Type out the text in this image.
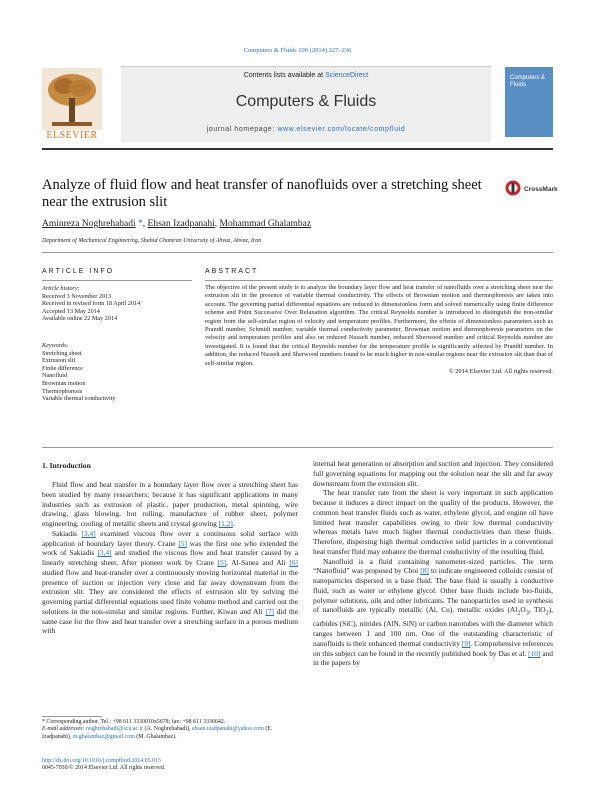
Computers & Fluids 100 (2014) 227–236
ELSEVIER
Contents lists available at ScienceDirect
Computers & Fluids
journal homepage: www.elsevier.com/locate/compfluid
Computers & Fluids
Analyze of fluid flow and heat transfer of nanofluids over a stretching sheet near the extrusion slit
CrossMark
Aminreza Noghrehabadi *, Ehsan Izadpanahi, Mohammad Ghalambaz
Department of Mechanical Engineering, Shahid Chamran University of Ahvaz, Ahvaz, Iran
ARTICLE INFO
Article history:
Received 3 November 2013
Received in revised form 18 April 2014
Accepted 13 May 2014
Available online 22 May 2014
Keywords:
Stretching sheet
Extrusion slit
Finite difference
Nanofluid
Brownian motion
Thermophoresis
Variable thermal conductivity
ABSTRACT
The objective of the present study is to analyze the boundary layer flow and heat transfer of nanofluids over a stretching sheet near the extrusion slit in the presence of variable thermal conductivity. The effects of Brownian motion and thermophoresis are taken into account. The governing partial differential equations are reduced to dimensionless form and solved numerically using finite difference scheme and Point Successive Over Relaxation algorithm. The critical Reynolds number is introduced to distinguish the non-similar region from the self-similar region of velocity and temperature profiles. Furthermore, the effects of dimensionless parameters such as Prandtl number, Schmidt number, variable thermal conductivity parameter, Brownian motion and thermophoresis parameters on the velocity and temperature profiles and also on reduced Nusselt number, reduced Sherwood number and critical Reynolds number are investigated. It is found that the critical Reynolds number for the temperature profile is significantly affected by Prandtl number. In addition, the reduced Nusselt and Sherwood numbers found to be much higher in non-similar regions near the extrusion slit than that of self-similar region.
© 2014 Elsevier Ltd. All rights reserved.
1. Introduction

Fluid flow and heat transfer in a boundary layer flow over a stretching sheet has been studied by many researchers; because it has significant applications in many industries such as extrusion of plastic, paper production, metal spinning, wire drawing, glass blowing, hot rolling, manufacture of rubber sheet, polymer engineering, cooling of metallic sheets and crystal growing [1,2].

Sakiadis [3,4] examined viscous flow over a continuous solid surface with application of boundary layer theory. Crane [5] was the first one who extended the work of Sakiadis [3,4] and studied the viscous flow and heat transfer caused by a linearly stretching sheet. After pioneer work by Crane [5], Al-Sanea and Ali [6] studied flow and heat-transfer over a continuously moving horizontal material in the presence of suction or injection very close and far away downstream from the extrusion slit. They are considered the effects of extrusion slit by solving the governing partial differential equations used finite volume method and carried out the solutions in the non-similar and similar regions. Further, Kiwan and Ali [7] did the same case for the flow and heat transfer over a stretching surface in a porous medium with

internal heat generation or absorption and suction and injection. They considered full governing equations for mapping out the solution near the slit and far away downstream from the extrusion slit.

The heat transfer rate from the sheet is very important in such application because it induces a direct impact on the quality of the products. However, the common heat transfer fluids such as water, ethylene glycol, and engine oil have limited heat transfer capabilities owing to their low thermal conductivity whereas metals have much higher thermal conductivities than these fluids. Therefore, dispersing high thermal conductive solid particles in a conventional heat transfer fluid may enhance the thermal conductivity of the resulting fluid.

Nanofluid is a fluid containing nanometer-sized particles. The term “Nanofluid” was proposed by Choi [8] to indicate engineered colloids consist of nanoparticles dispersed in a base fluid. The base fluid is usually a conductive fluid, such as water or ethylene glycol. Other base fluids include bio-fluids, polymer solutions, oils and other lubricants. The nanoparticles used in synthesis of nanofluids are typically metallic (Al, Cu), metallic oxides ($Al_2O_3$, TiO$_2$), carbides (SiC), nitrides (AlN, SiN) or carbon nanotubes with the diameter which ranges between 1 and 100 nm. One of the outstanding characteristic of nanofluids is their enhanced thermal conductivity [9]. Comprehensive references on this subject can be found in the recently published book by Das et al. [10] and in the papers by

* Corresponding author. Tel.: +98 611 3330010x5678; fax: +98 611 3336642.
E-mail addresses: noghrehabadi@scu.ac.ir (A. Noghrehabadi), ehsan.izadpanahi@yahoo.com (E. Izadpanahi), m.ghalambaz@gmail.com (M. Ghalambaz).
http://dx.doi.org/10.1016/j.compfluid.2014.05.013
0045-7930/© 2014 Elsevier Ltd. All rights reserved.
